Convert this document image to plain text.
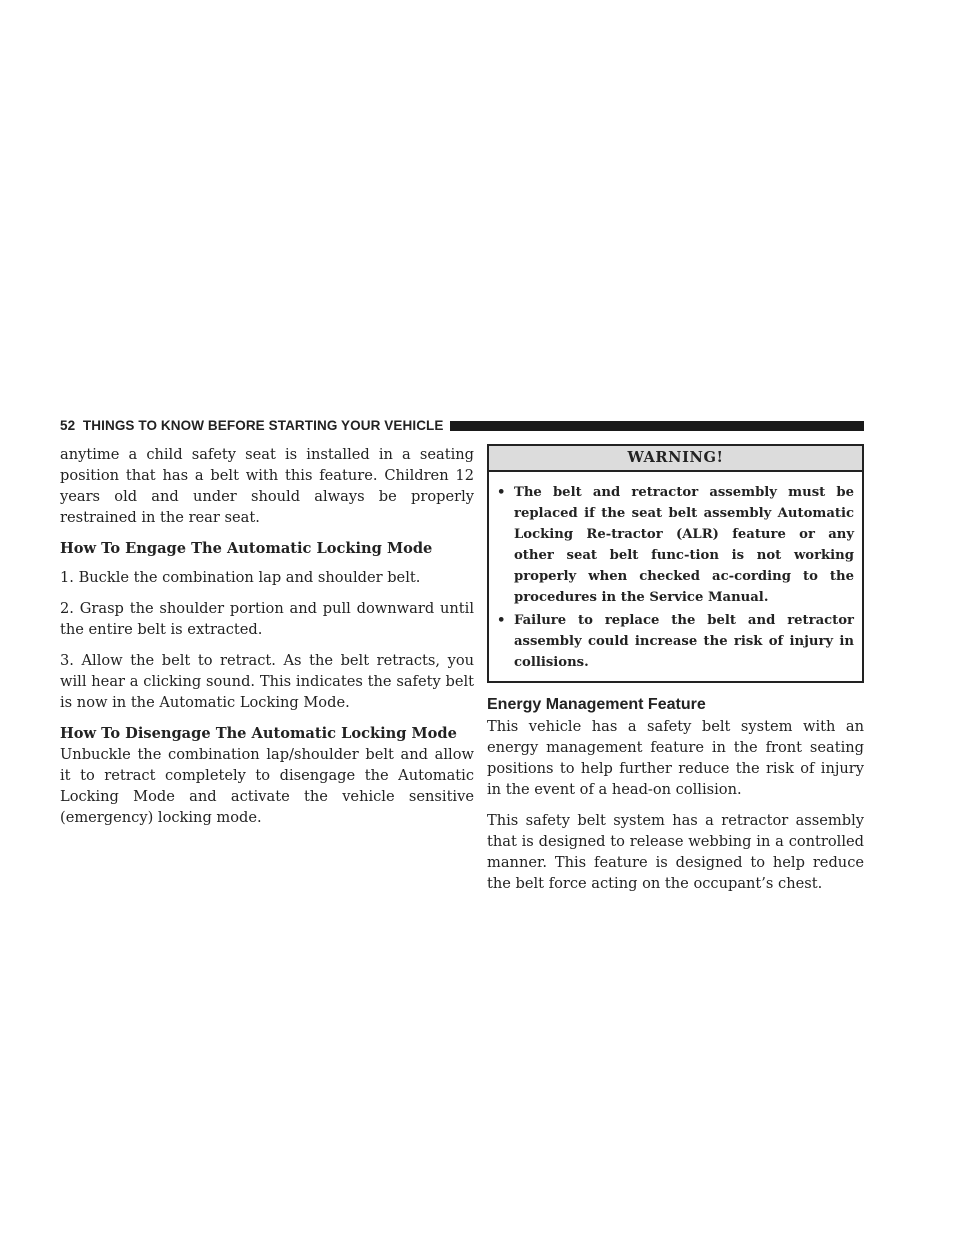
52 THINGS TO KNOW BEFORE STARTING YOUR VEHICLE

anytime a child safety seat is installed in a seating position that has a belt with this feature. Children 12 years old and under should always be properly restrained in the rear seat.

How To Engage The Automatic Locking Mode

1. Buckle the combination lap and shoulder belt.

2. Grasp the shoulder portion and pull downward until the entire belt is extracted.

3. Allow the belt to retract. As the belt retracts, you will hear a clicking sound. This indicates the safety belt is now in the Automatic Locking Mode.

How To Disengage The Automatic Locking Mode

Unbuckle the combination lap/shoulder belt and allow it to retract completely to disengage the Automatic Locking Mode and activate the vehicle sensitive (emergency) locking mode.

WARNING!
• The belt and retractor assembly must be replaced if the seat belt assembly Automatic Locking Re-tractor (ALR) feature or any other seat belt func-tion is not working properly when checked ac-cording to the procedures in the Service Manual.
• Failure to replace the belt and retractor assembly could increase the risk of injury in collisions.
Energy Management Feature

This vehicle has a safety belt system with an energy management feature in the front seating positions to help further reduce the risk of injury in the event of a head-on collision.

This safety belt system has a retractor assembly that is designed to release webbing in a controlled manner. This feature is designed to help reduce the belt force acting on the occupant’s chest.
